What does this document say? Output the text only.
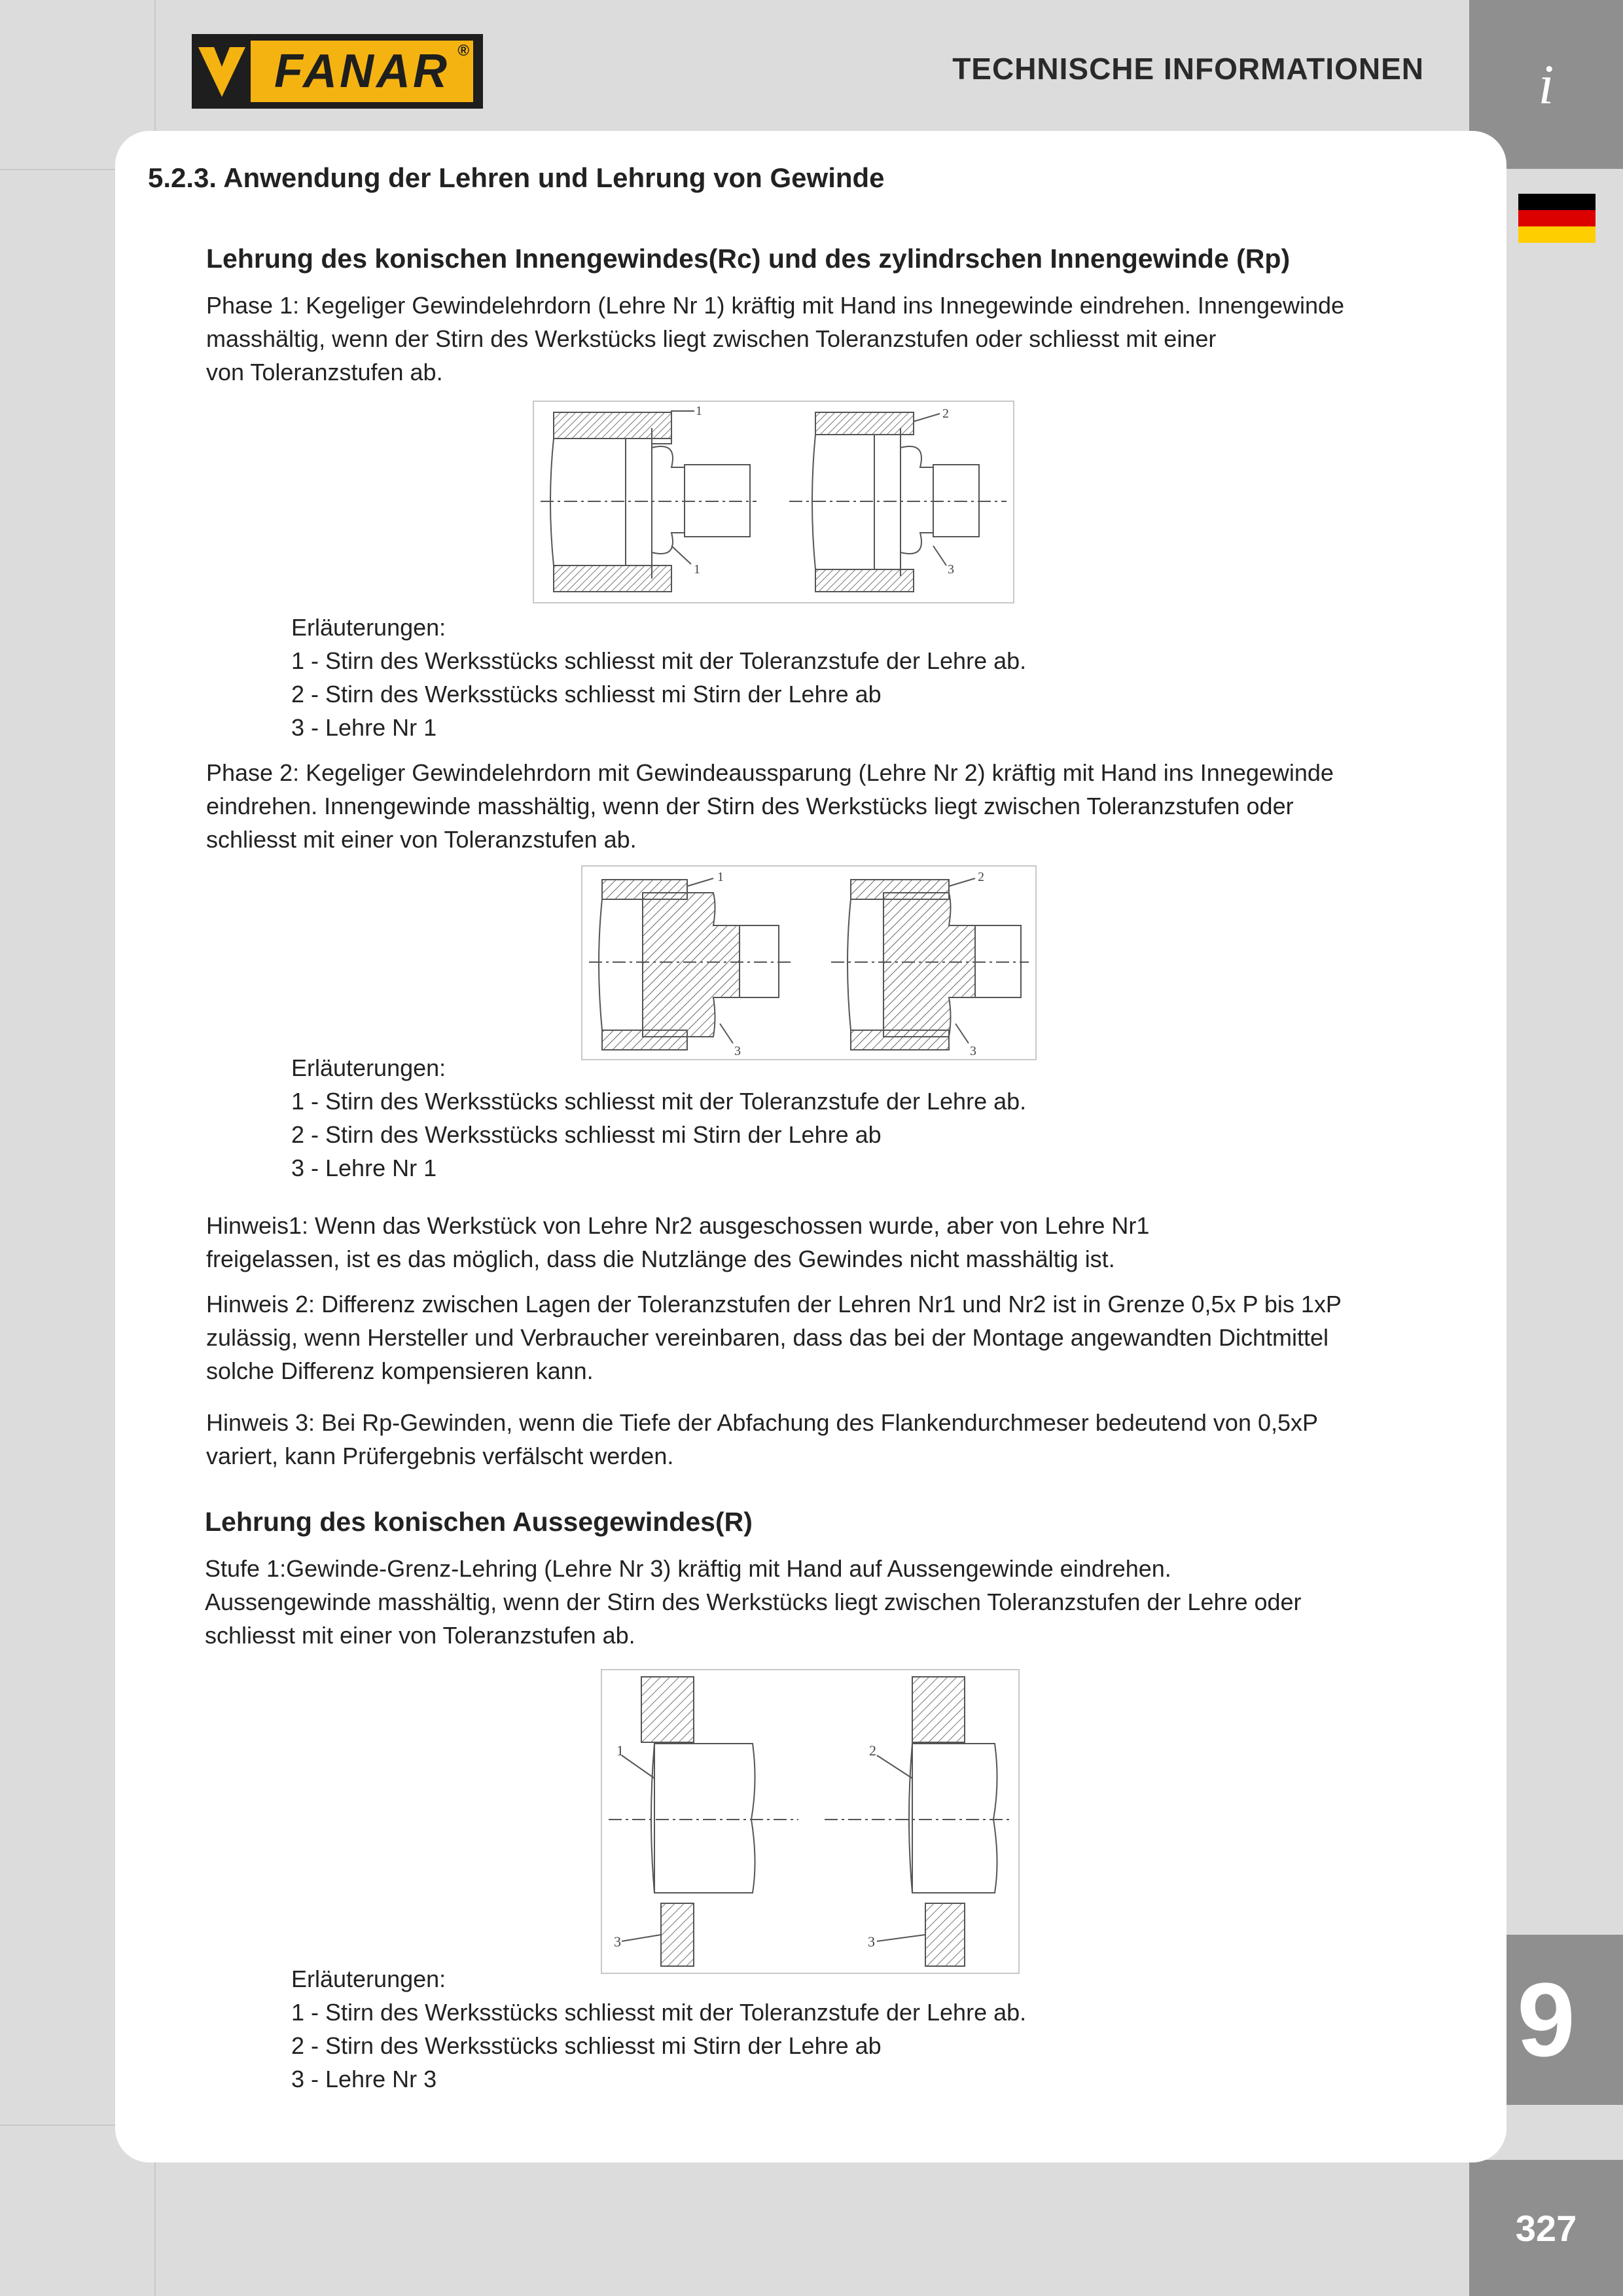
i
9
327
FANAR ®
TECHNISCHE INFORMATIONEN
5.2.3. Anwendung der Lehren und Lehrung von Gewinde
Lehrung des konischen Innengewindes(Rc) und des zylindrschen Innengewinde (Rp)
Phase 1: Kegeliger Gewindelehrdorn (Lehre Nr 1) kräftig mit Hand ins Innegewinde eindrehen. Innengewinde
masshältig, wenn der Stirn des Werkstücks liegt zwischen Toleranzstufen oder schliesst mit einer
von Toleranzstufen ab.
1
1
2
3
Erläuterungen:
1 - Stirn des Werksstücks schliesst mit der Toleranzstufe der Lehre ab.
2 - Stirn des Werksstücks schliesst mi Stirn der Lehre ab
3 - Lehre Nr 1
Phase 2: Kegeliger Gewindelehrdorn mit Gewindeaussparung (Lehre Nr 2) kräftig mit Hand ins Innegewinde
eindrehen. Innengewinde masshältig, wenn der Stirn des Werkstücks liegt zwischen Toleranzstufen oder
schliesst mit einer von Toleranzstufen ab.
1
3
2
3
Erläuterungen:
1 - Stirn des Werksstücks schliesst mit der Toleranzstufe der Lehre ab.
2 - Stirn des Werksstücks schliesst mi Stirn der Lehre ab
3 - Lehre Nr 1
Hinweis1: Wenn das Werkstück von Lehre Nr2 ausgeschossen wurde, aber von Lehre Nr1
freigelassen, ist es das möglich, dass die Nutzlänge des Gewindes nicht masshältig ist.
Hinweis 2: Differenz zwischen Lagen der Toleranzstufen der Lehren Nr1 und Nr2 ist in Grenze 0,5x P bis 1xP
zulässig, wenn Hersteller und Verbraucher vereinbaren, dass das bei der Montage angewandten Dichtmittel
solche Differenz kompensieren kann.
Hinweis 3: Bei Rp-Gewinden, wenn die Tiefe der Abfachung des Flankendurchmeser bedeutend von 0,5xP
variert, kann Prüfergebnis verfälscht werden.
Lehrung des konischen Aussegewindes(R)
Stufe 1:Gewinde-Grenz-Lehring (Lehre Nr 3) kräftig mit Hand auf Aussengewinde eindrehen.
Aussengewinde masshältig, wenn der Stirn des Werkstücks liegt zwischen Toleranzstufen der Lehre oder
schliesst mit einer von Toleranzstufen ab.
1
3
2
3
Erläuterungen:
1 - Stirn des Werksstücks schliesst mit der Toleranzstufe der Lehre ab.
2 - Stirn des Werksstücks schliesst mi Stirn der Lehre ab
3 - Lehre Nr 3
